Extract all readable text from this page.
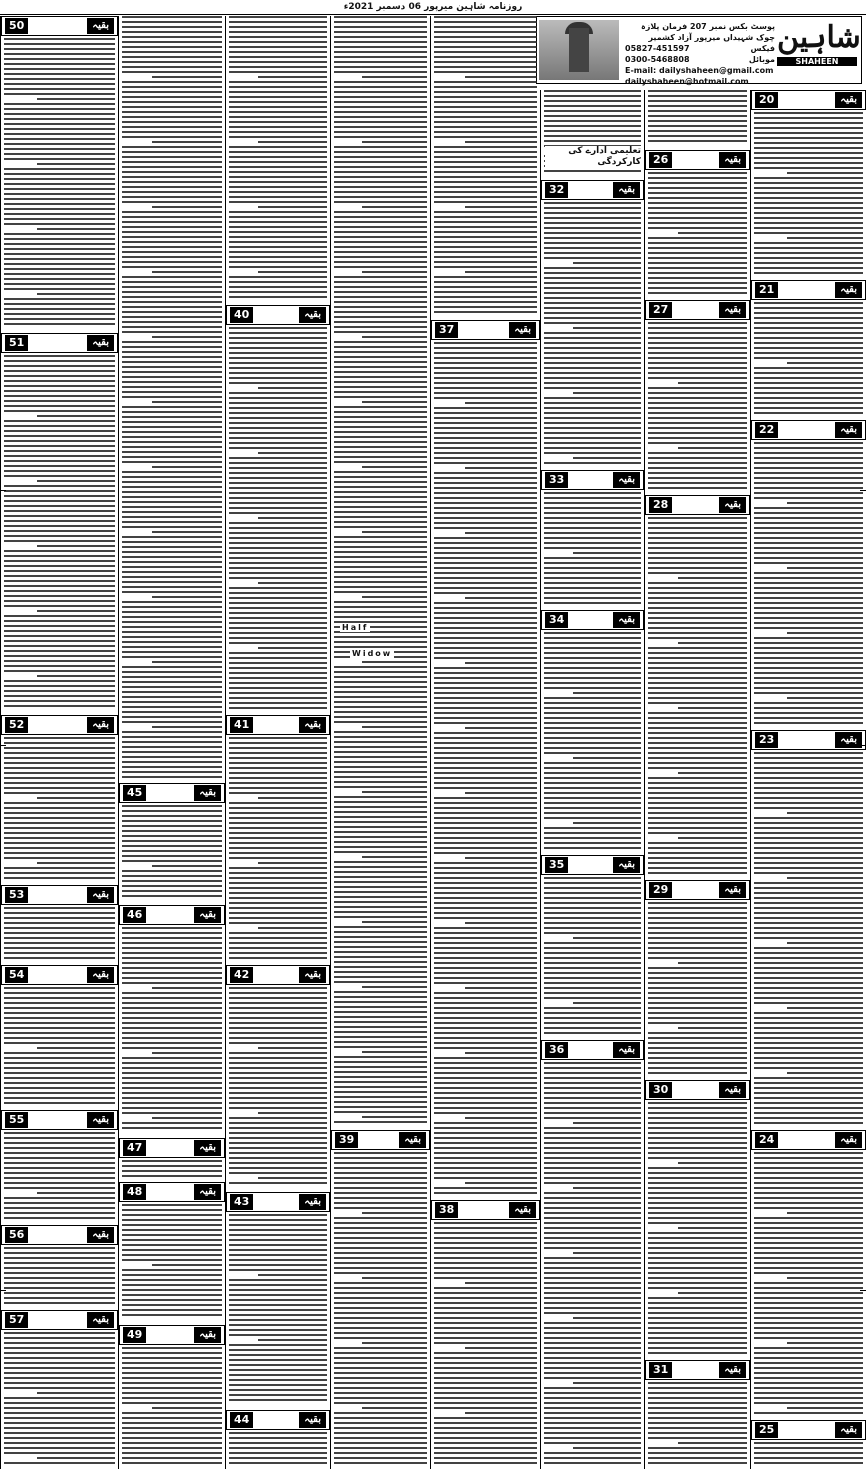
روزنامہ شاہین میرپور 06 دسمبر 2021ء
پوسٹ بکس نمبر 207 فرمان پلازہ چوک شہیداں میرپور آزاد کشمیر
05827-451597	فیکس
0300-5468808	موبائل
E-mail: dailyshaheen@gmail.com
dailyshaheen@hotmail.com
شاہین
SHAHEEN
20	بقیہ
21	بقیہ
22	بقیہ
23	بقیہ
24	بقیہ
25	بقیہ
26	بقیہ
27	بقیہ
28	بقیہ
29	بقیہ
30	بقیہ
31	بقیہ
32	بقیہ
33	بقیہ
34	بقیہ
35	بقیہ
36	بقیہ
37	بقیہ
38	بقیہ
39	بقیہ
40	بقیہ
41	بقیہ
42	بقیہ
43	بقیہ
44	بقیہ
45	بقیہ
46	بقیہ
47	بقیہ
48	بقیہ
49	بقیہ
50	بقیہ
51	بقیہ
52	بقیہ
53	بقیہ
54	بقیہ
55	بقیہ
56	بقیہ
57	بقیہ
Half
Widow
تعلیمی ادارے کی کارکردگی
